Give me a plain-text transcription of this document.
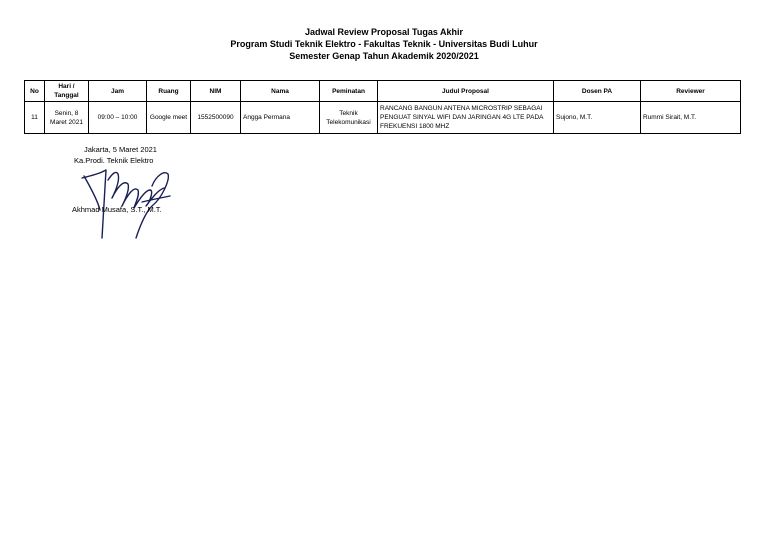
Jadwal Review Proposal Tugas Akhir
Program Studi Teknik Elektro - Fakultas Teknik - Universitas Budi Luhur
Semester Genap Tahun Akademik 2020/2021
No	Hari / Tanggal	Jam	Ruang	NIM	Nama	Peminatan	Judul Proposal	Dosen PA	Reviewer
11	Senin, 8 Maret 2021	09:00 – 10:00	Google meet	1552500090	Angga Permana	Teknik Telekomunikasi	RANCANG BANGUN ANTENA MICROSTRIP SEBAGAI PENGUAT SINYAL WIFI DAN JARINGAN 4G LTE PADA FREKUENSI 1800 MHZ	Sujono, M.T.	Rummi Sirait, M.T.
Jakarta, 5 Maret 2021
Ka.Prodi. Teknik Elektro
Akhmad Musafa, S.T., M.T.
